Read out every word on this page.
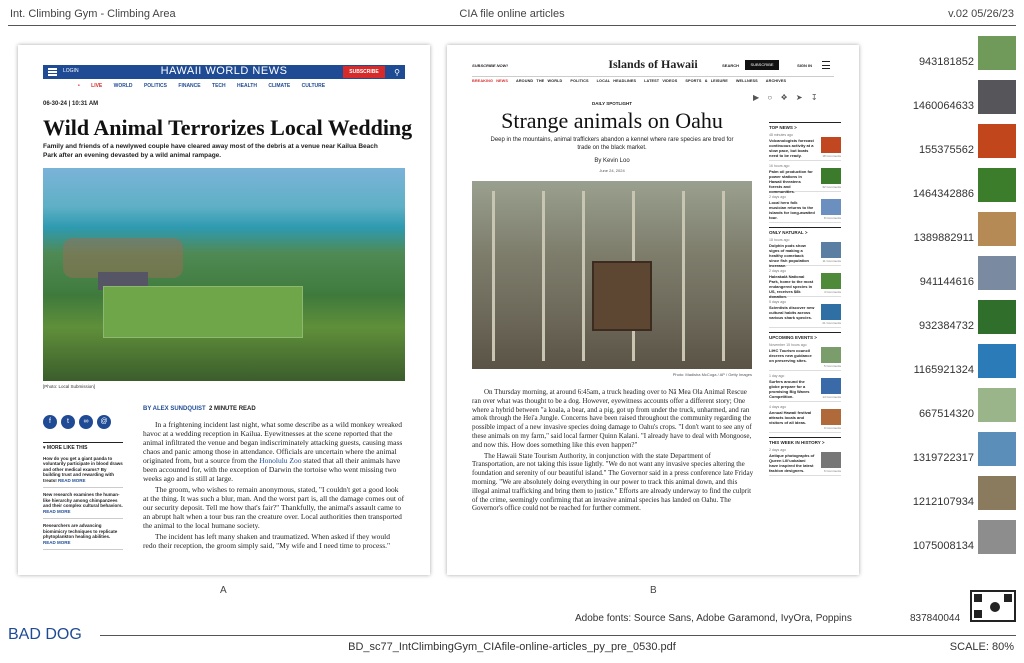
Int. Climbing Gym - Climbing Area	CIA file online articles	v.02 05/26/23
LOGIN	HAWAII WORLD NEWS	SUBSCRIBE	⚲
• LIVE WORLD POLITICS FINANCE TECH HEALTH CLIMATE CULTURE
06-30-24 | 10:31 AM
Wild Animal Terrorizes Local Wedding
Family and friends of a newlywed couple have cleared away most of the debris at a venue near Kailua Beach Park after an evening devasted by a wild animal rampage.
[Photo: Local Submission]
f t ∞ @
▾ MORE LIKE THIS
How do you get a giant panda to voluntarily participate in blood draws and other medical exams? By building trust and rewarding with treats! READ MORE
New research examines the human-like hierarchy among chimpanzees and their complex cultural behaviors. READ MORE
Researchers are advancing biomimicry techniques to replicate phytoplankton healing abilities. READ MORE
BY ALEX SUNDQUIST 2 MINUTE READ

In a frightening incident last night, what some describe as a wild monkey wreaked havoc at a wedding reception in Kailua. Eyewitnesses at the scene reported that the animal infiltrated the venue and began indiscriminately attacking guests, causing mass chaos and panic among those in attendance. Officials are uncertain where the animal originated from, but a source from the Honolulu Zoo stated that all their animals have been accounted for, with the exception of Darwin the tortoise who went missing two weeks ago and is still at large.

The groom, who wishes to remain anonymous, stated, "I couldn't get a good look at the thing. It was such a blur, man. And the worst part is, all the damage comes out of our security deposit. Tell me how that's fair?" Thankfully, the animal's assault came to an abrupt halt when a tour bus ran the creature over. Local authorities then transported the animal to the local humane society.

The incident has left many shaken and traumatized. When asked if they would redo their reception, the groom simply said, "My wife and I need time to process."

SUBSCRIBE NOW!	Islands of Hawaii	SEARCH	SUBSCRIBE	SIGN IN
BREAKING NEWS AROUND THE WORLD POLITICS LOCAL HEADLINES LATEST VIDEOS SPORTS & LEISURE WELLNESS ARCHIVES
▶ ○ ❖ ➤ ↧
DAILY SPOTLIGHT
Strange animals on Oahu
Deep in the mountains, animal traffickers abandon a kennel where rare species are bred for trade on the black market.
By Kevin Loo
June 24, 2024
Photo: Madisha McCoga / AP / Getty Images

On Thursday morning, at around 6:45am, a truck heading over to Nā Mea Ola Animal Rescue ran over what was thought to be a dog. However, eyewitness accounts offer a different story; One where a hybrid between "a koala, a bear, and a pig, got up from under the truck, unharmed, and ran amok through the Hei'a Jungle. Concerns have been raised throughout the community regarding the possible impact of a new invasive species doing damage to Oahu's crops. "I don't want to see any of these animals on my farm," said local farmer Quinn Kalani. "I already have to deal with Mongoose, and now this. How does something like this even happen?"

The Hawaii State Tourism Authority, in conjunction with the state Department of Transportation, are not taking this issue lightly. "We do not want any invasive species altering the foundation and serenity of our beautiful island." The Governor said in a press conference late Friday morning. "We are absolutely doing everything in our power to track this animal down, and this illegal animal trafficking and bring them to justice." Efforts are already underway to find the culprit of the crime, seemingly confirming that an invasive animal species has landed on Oahu. The Governor's office could not be reached for further comment.

TOP NEWS >
48 minutes ago
Volcanologists forecast continuous activity at a slow pace, but boats need to be ready.	18 Comments
16 hours ago
Palm oil production for power stations in Hawaii threatens forests and communities.
32 Comments
2 days ago
Local hero folk musician returns to the islands for long-awaited tour.	8 Comments
ONLY NATURAL >
18 hours ago
Dolphin pods show signs of making a healthy comeback since fish population increase.
11 Comments
2 days ago
Haleakalā National Park, home to the most endangered species in US, receives $8k donation.
4 Comments
5 days ago
Scientists discover new cultural habits across various shark species.
21 Comments
UPCOMING EVENTS >
November 15 hours ago
LIHC Tourism council decrees new guidance on preserving sites.
5 Comments
1 day ago
Surfers around the globe prepare for a promising Big Waves Competition.	14 Comments
4 days ago
Annual Hawaii festival attracts locals and visitors of all ideas.
9 Comments
THIS WEEK IN HISTORY >
2 days ago
Antique photographs of Queen Lili'uokalani have inspired the latest fashion designers.	6 Comments
A	B
943181852
1460064633
155375562
1464342886
1389882911
941144616
932384732
1165921324
667514320
1319722317
1212107934
1075008134
Adobe fonts: Source Sans, Adobe Garamond, IvyOra, Poppins	837840044
BAD DOG
BD_sc77_IntClimbingGym_CIAfile-online-articles_py_pre_0530.pdf	SCALE: 80%
